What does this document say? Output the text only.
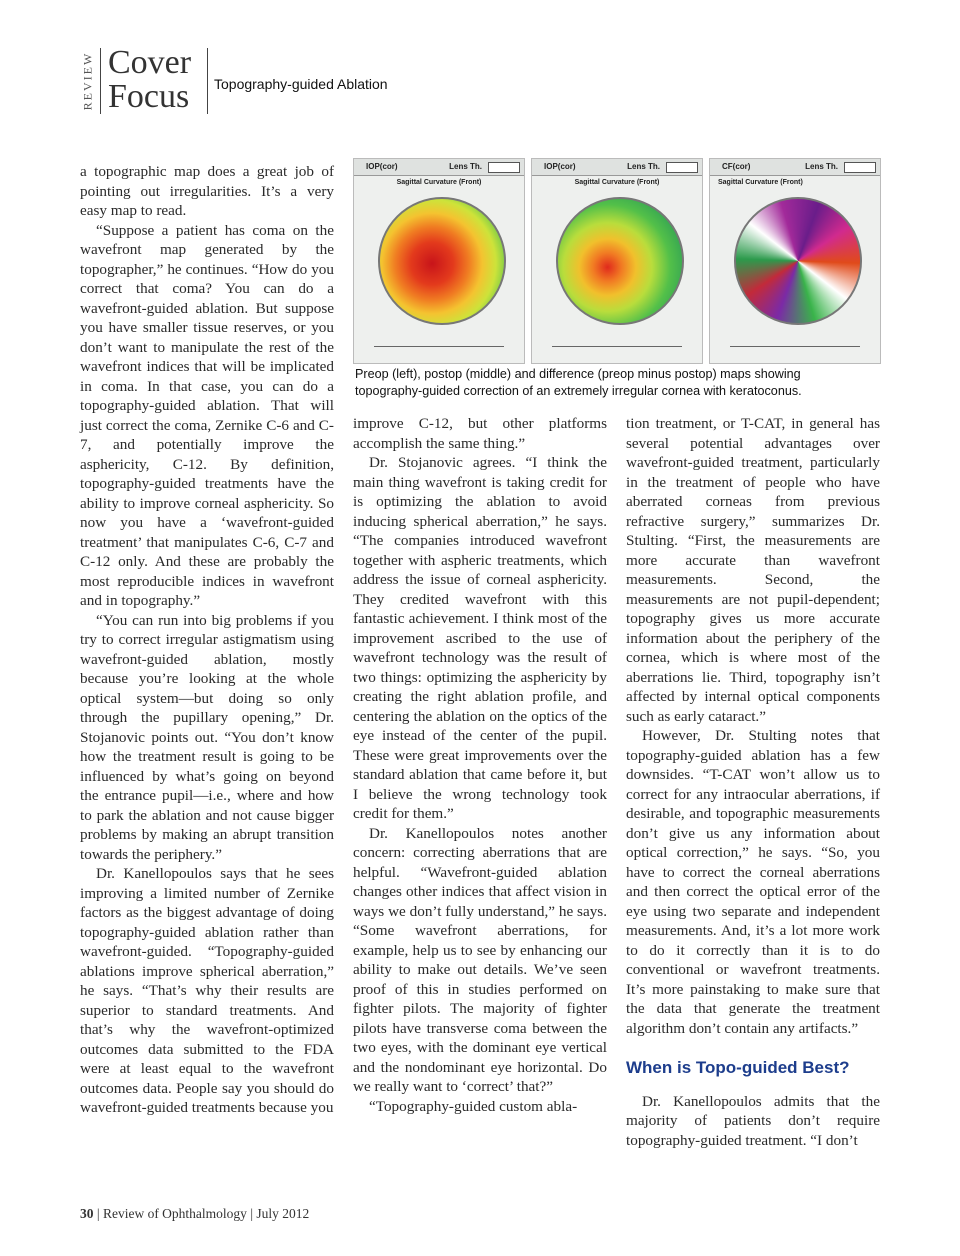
REVIEW Cover
Focus Topography-guided Ablation

a topographic map does a great job of pointing out irregularities. It’s a very easy map to read.

“Suppose a patient has coma on the wavefront map generated by the topographer,” he continues. “How do you correct that coma? You can do a wavefront-guided ablation. But suppose you have smaller tissue reserves, or you don’t want to manipulate the rest of the wavefront indices that will be implicated in coma. In that case, you can do a topography-guided ablation. That will just correct the coma, Zernike C-6 and C-7, and potentially improve the asphericity, C-12. By definition, topography-guided treatments have the ability to improve corneal asphericity. So now you have a ‘wavefront-guided treatment’ that manipulates C-6, C-7 and C-12 only. And these are probably the most reproducible indices in wavefront and in topography.”

“You can run into big problems if you try to correct irregular astigmatism using wavefront-guided ablation, mostly because you’re looking at the whole optical system—but doing so only through the pupillary opening,” Dr. Stojanovic points out. “You don’t know how the treatment result is going to be influenced by what’s going on beyond the entrance pupil—i.e., where and how to park the ablation and not cause bigger problems by making an abrupt transition towards the periphery.”

Dr. Kanellopoulos says that he sees improving a limited number of Zernike factors as the biggest advantage of doing topography-guided ablation rather than wavefront-guided. “Topography-guided ablations improve spherical aberration,” he says. “That’s why their results are superior to standard treatments. And that’s why the wavefront-optimized outcomes data submitted to the FDA were at least equal to the wavefront outcomes data. People say you should do wavefront-guided treatments because you

IOP(cor)	Lens Th.
Sagittal Curvature (Front)
IOP(cor)	Lens Th.
Sagittal Curvature (Front)
CF(cor)	Lens Th.
Sagittal Curvature (Front)
Preop (left), postop (middle) and difference (preop minus postop) maps showing
topography-guided correction of an extremely irregular cornea with keratoconus.

improve C-12, but other platforms accomplish the same thing.”

Dr. Stojanovic agrees. “I think the main thing wavefront is taking credit for is optimizing the ablation to avoid inducing spherical aberration,” he says. “The companies introduced wavefront together with aspheric treatments, which address the issue of corneal asphericity. They credited wavefront with this fantastic achievement. I think most of the improvement ascribed to the use of wavefront technology was the result of two things: optimizing the asphericity by creating the right ablation profile, and centering the ablation on the optics of the eye instead of the center of the pupil. These were great improvements over the standard ablation that came before it, but I believe the wrong technology took credit for them.”

Dr. Kanellopoulos notes another concern: correcting aberrations that are helpful. “Wavefront-guided ablation changes other indices that affect vision in ways we don’t fully understand,” he says. “Some wavefront aberrations, for example, help us to see by enhancing our ability to make out details. We’ve seen proof of this in studies performed on fighter pilots. The majority of fighter pilots have transverse coma between the two eyes, with the dominant eye vertical and the nondominant eye horizontal. Do we really want to ‘correct’ that?”

“Topography-guided custom abla-

tion treatment, or T-CAT, in general has several potential advantages over wavefront-guided treatment, particularly in the treatment of people who have aberrated corneas from previous refractive surgery,” summarizes Dr. Stulting. “First, the measurements are more accurate than wavefront measurements. Second, the measurements are not pupil-dependent; topography gives us more accurate information about the periphery of the cornea, which is where most of the aberrations lie. Third, topography isn’t affected by internal optical components such as early cataract.”

However, Dr. Stulting notes that topography-guided ablation has a few downsides. “T-CAT won’t allow us to correct for any intraocular aberrations, if desirable, and topographic measurements don’t give us any information about optical correction,” he says. “So, you have to correct the corneal aberrations and then correct the optical error of the eye using two separate and independent measurements. And, it’s a lot more work to do it correctly than it is to do conventional or wavefront treatments. It’s more painstaking to make sure that the data that generate the treatment algorithm don’t contain any artifacts.”

When is Topo-guided Best?

Dr. Kanellopoulos admits that the majority of patients don’t require topography-guided treatment. “I don’t

30 | Review of Ophthalmology | July 2012
